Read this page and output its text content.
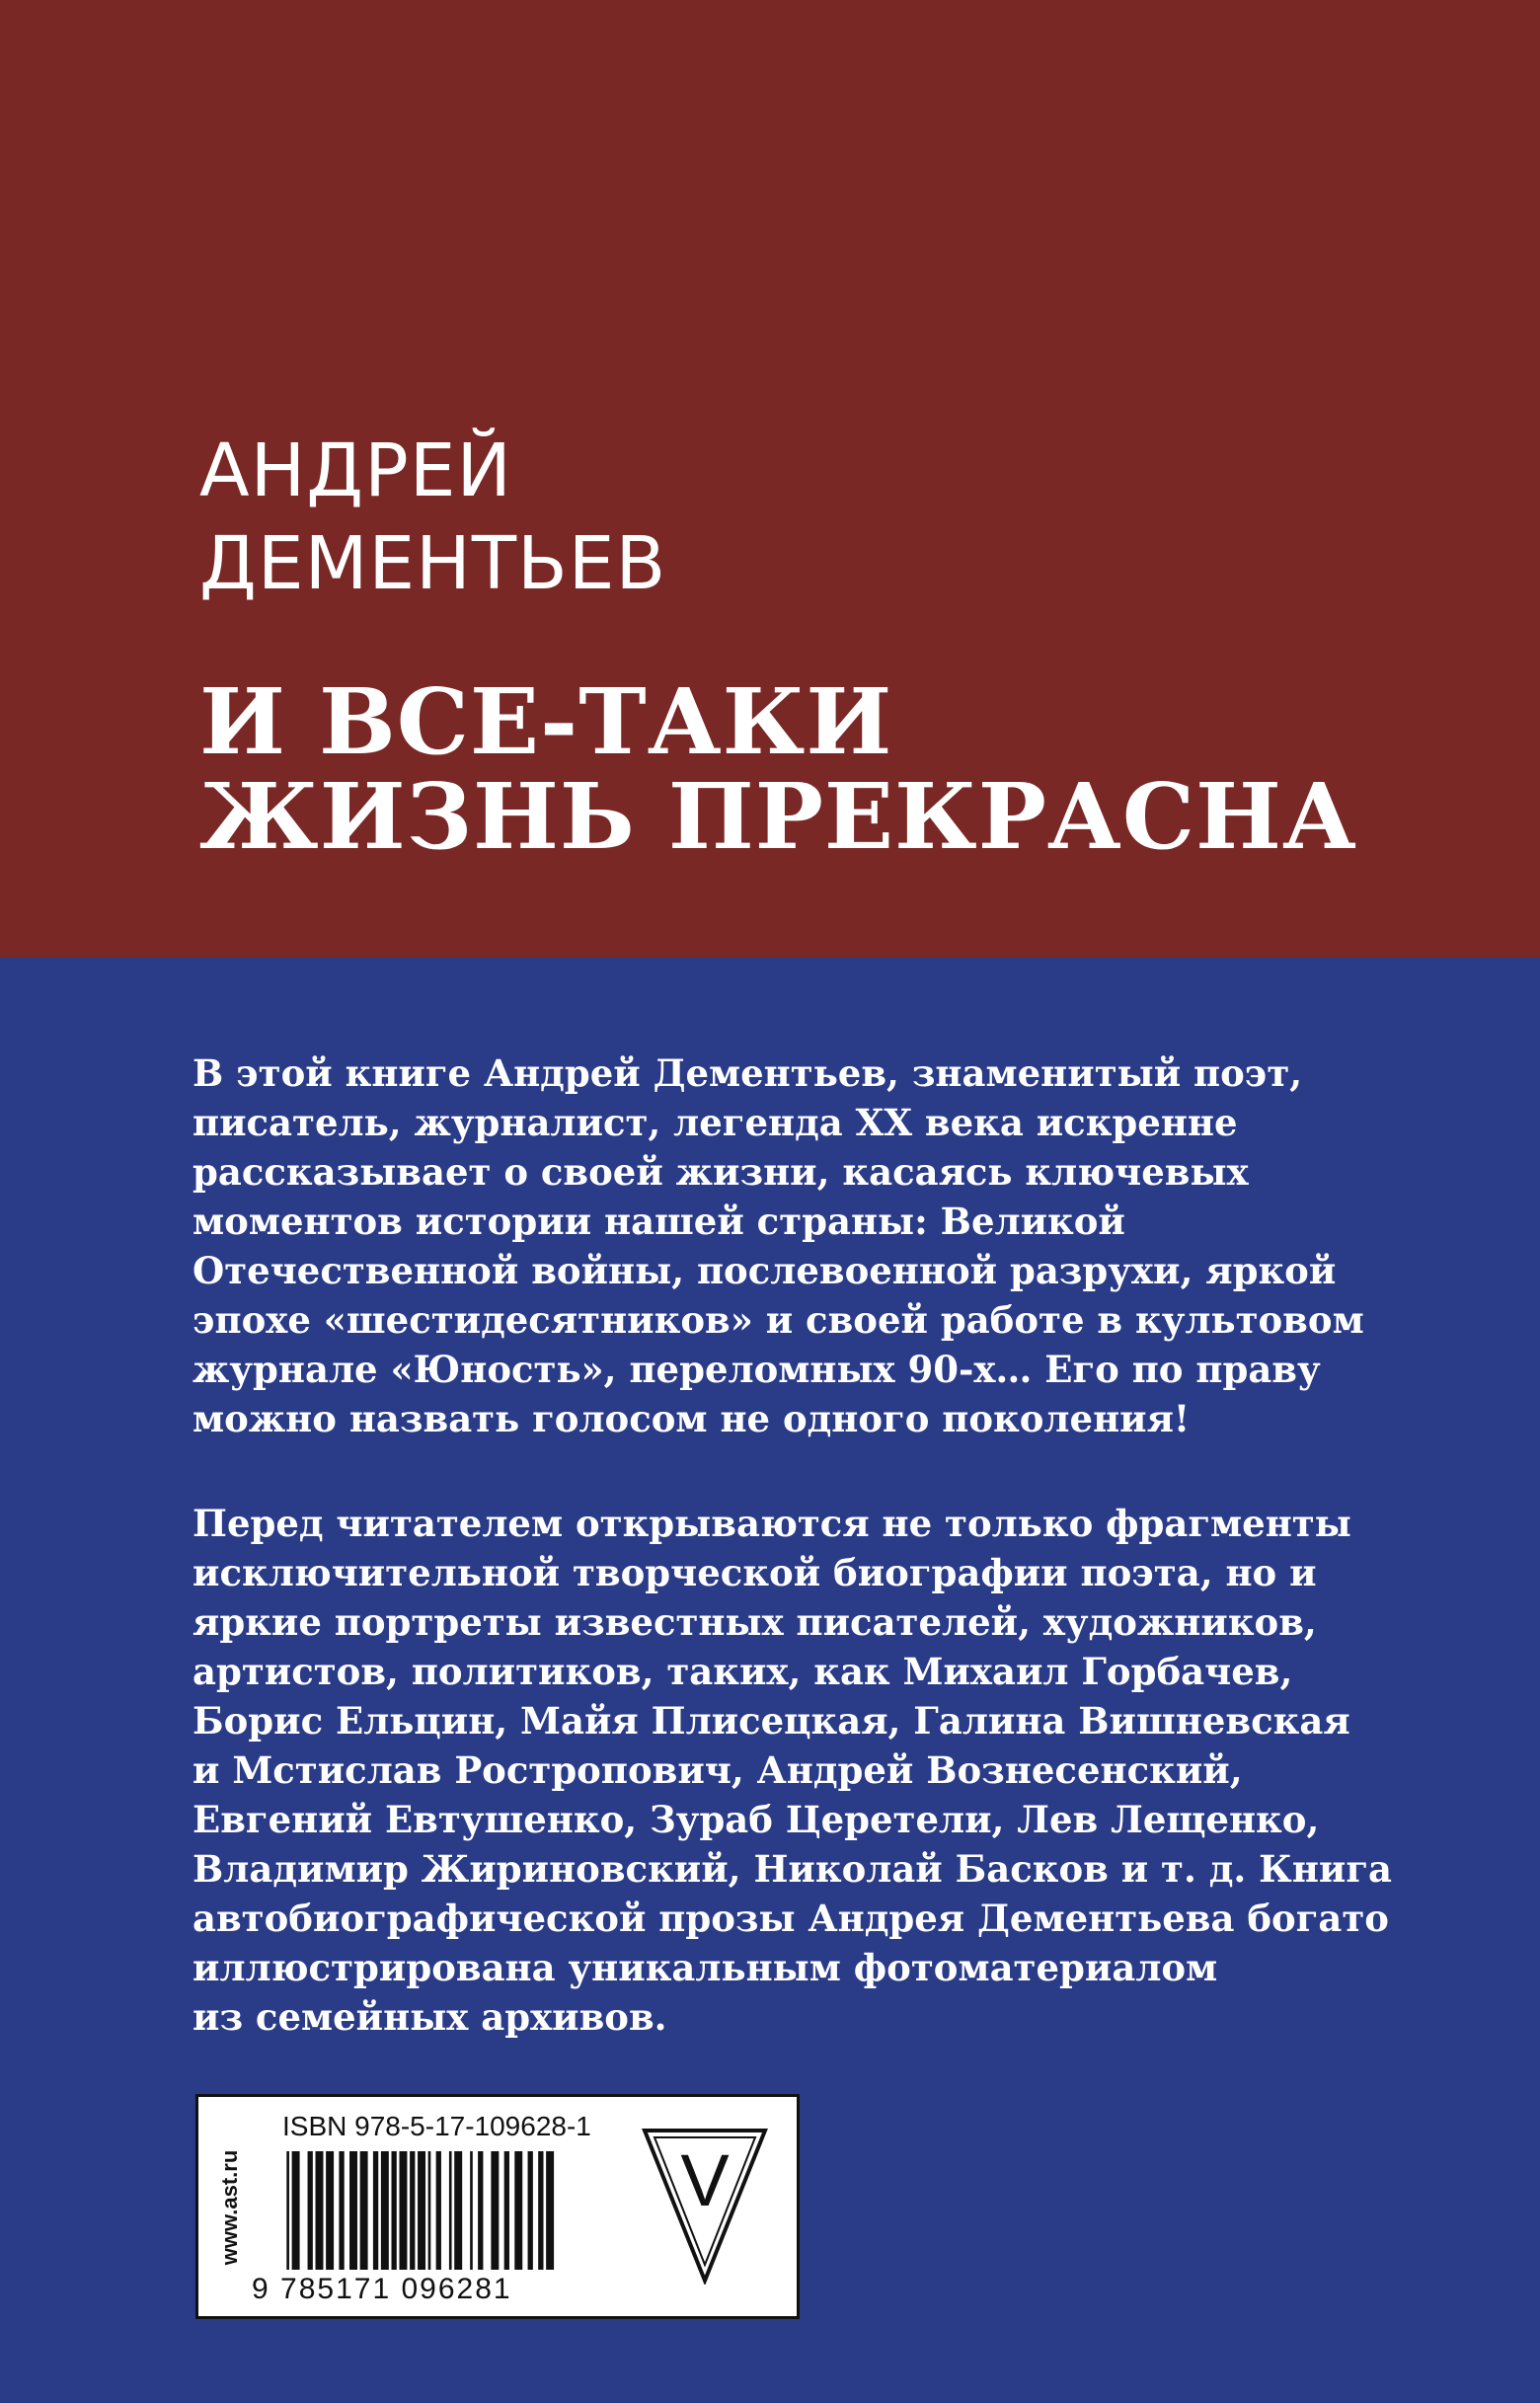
АНДРЕЙ
ДЕМЕНТЬЕВ
И ВСЕ-ТАКИ
ЖИЗНЬ ПРЕКРАСНА
В этой книге Андрей Дементьев, знаменитый поэт,
писатель, журналист, легенда XX века искренне
рассказывает о своей жизни, касаясь ключевых
моментов истории нашей страны: Великой
Отечественной войны, послевоенной разрухи, яркой
эпохе «шестидесятников» и своей работе в культовом
журнале «Юность», переломных 90-х… Его по праву
можно назвать голосом не одного поколения!
Перед читателем открываются не только фрагменты
исключительной творческой биографии поэта, но и
яркие портреты известных писателей, художников,
артистов, политиков, таких, как Михаил Горбачев,
Борис Ельцин, Майя Плисецкая, Галина Вишневская
и Мстислав Ростропович, Андрей Вознесенский,
Евгений Евтушенко, Зураб Церетели, Лев Лещенко,
Владимир Жириновский, Николай Басков и т. д. Книга
автобиографической прозы Андрея Дементьева богато
иллюстрирована уникальным фотоматериалом
из семейных архивов.
www.ast.ru
ISBN 978-5-17-109628-1
9 785171 096281
V
